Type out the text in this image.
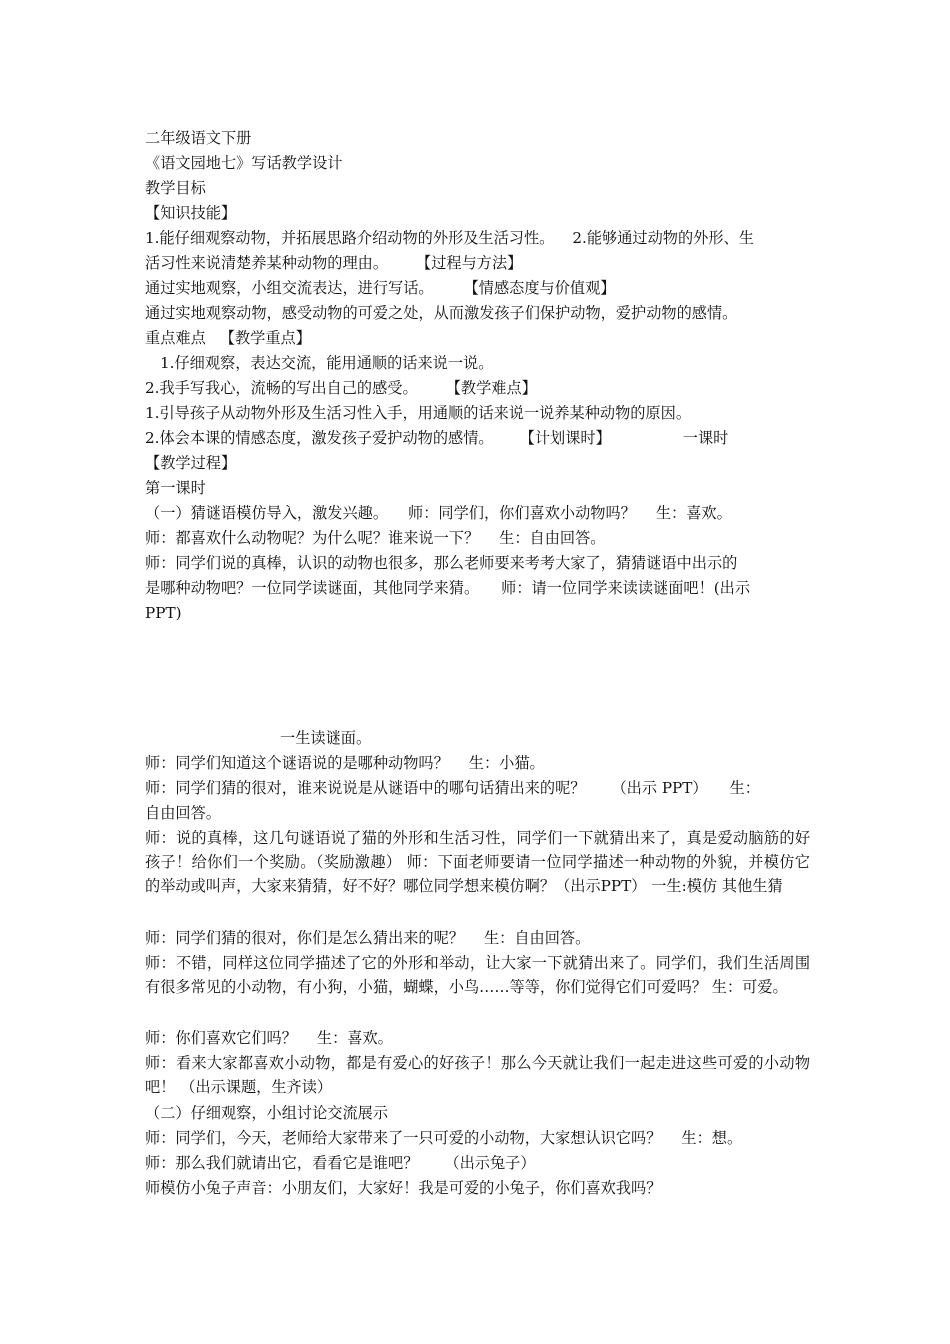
二年级语文下册
《语文园地七》写话教学设计
教学目标
【知识技能】
1.能仔细观察动物，并拓展思路介绍动物的外形及生活习性。 2.能够通过动物的外形、生
活习性来说清楚养某种动物的理由。 【过程与方法】
通过实地观察，小组交流表达，进行写话。 【情感态度与价值观】
通过实地观察动物，感受动物的可爱之处，从而激发孩子们保护动物，爱护动物的感情。
重点难点 【教学重点】
1.仔细观察，表达交流，能用通顺的话来说一说。
2.我手写我心，流畅的写出自己的感受。 【教学难点】
1.引导孩子从动物外形及生活习性入手，用通顺的话来说一说养某种动物的原因。
2.体会本课的情感态度，激发孩子爱护动物的感情。 【计划课时】	一课时
【教学过程】
第一课时
（一）猜谜语模仿导入，激发兴趣。 师：同学们，你们喜欢小动物吗？ 生：喜欢。
师：都喜欢什么动物呢？为什么呢？谁来说一下？ 生：自由回答。
师：同学们说的真棒，认识的动物也很多，那么老师要来考考大家了，猜猜谜语中出示的
是哪种动物吧？一位同学读谜面，其他同学来猜。 师：请一位同学来读读谜面吧！(出示
PPT)
一生读谜面。
师：同学们知道这个谜语说的是哪种动物吗？ 生：小猫。
师：同学们猜的很对，谁来说说是从谜语中的哪句话猜出来的呢？ （出示 PPT） 生：
自由回答。
师：说的真棒，这几句谜语说了猫的外形和生活习性，同学们一下就猜出来了，真是爱动脑筋的好孩子！给你们一个奖励。（奖励激趣） 师：下面老师要请一位同学描述一种动物的外貌，并模仿它的举动或叫声，大家来猜猜，好不好？哪位同学想来模仿啊？（出示PPT） 一生:模仿 其他生猜
师：同学们猜的很对，你们是怎么猜出来的呢？ 生：自由回答。
师：不错，同样这位同学描述了它的外形和举动，让大家一下就猜出来了。同学们，我们生活周围有很多常见的小动物，有小狗，小猫，蝴蝶，小鸟……等等，你们觉得它们可爱吗？ 生：可爱。
师：你们喜欢它们吗？ 生：喜欢。
师：看来大家都喜欢小动物，都是有爱心的好孩子！那么今天就让我们一起走进这些可爱的小动物吧！ （出示课题，生齐读）
（二）仔细观察，小组讨论交流展示
师：同学们，今天，老师给大家带来了一只可爱的小动物，大家想认识它吗？ 生：想。
师：那么我们就请出它，看看它是谁吧？ （出示兔子）
师模仿小兔子声音：小朋友们，大家好！我是可爱的小兔子，你们喜欢我吗？
